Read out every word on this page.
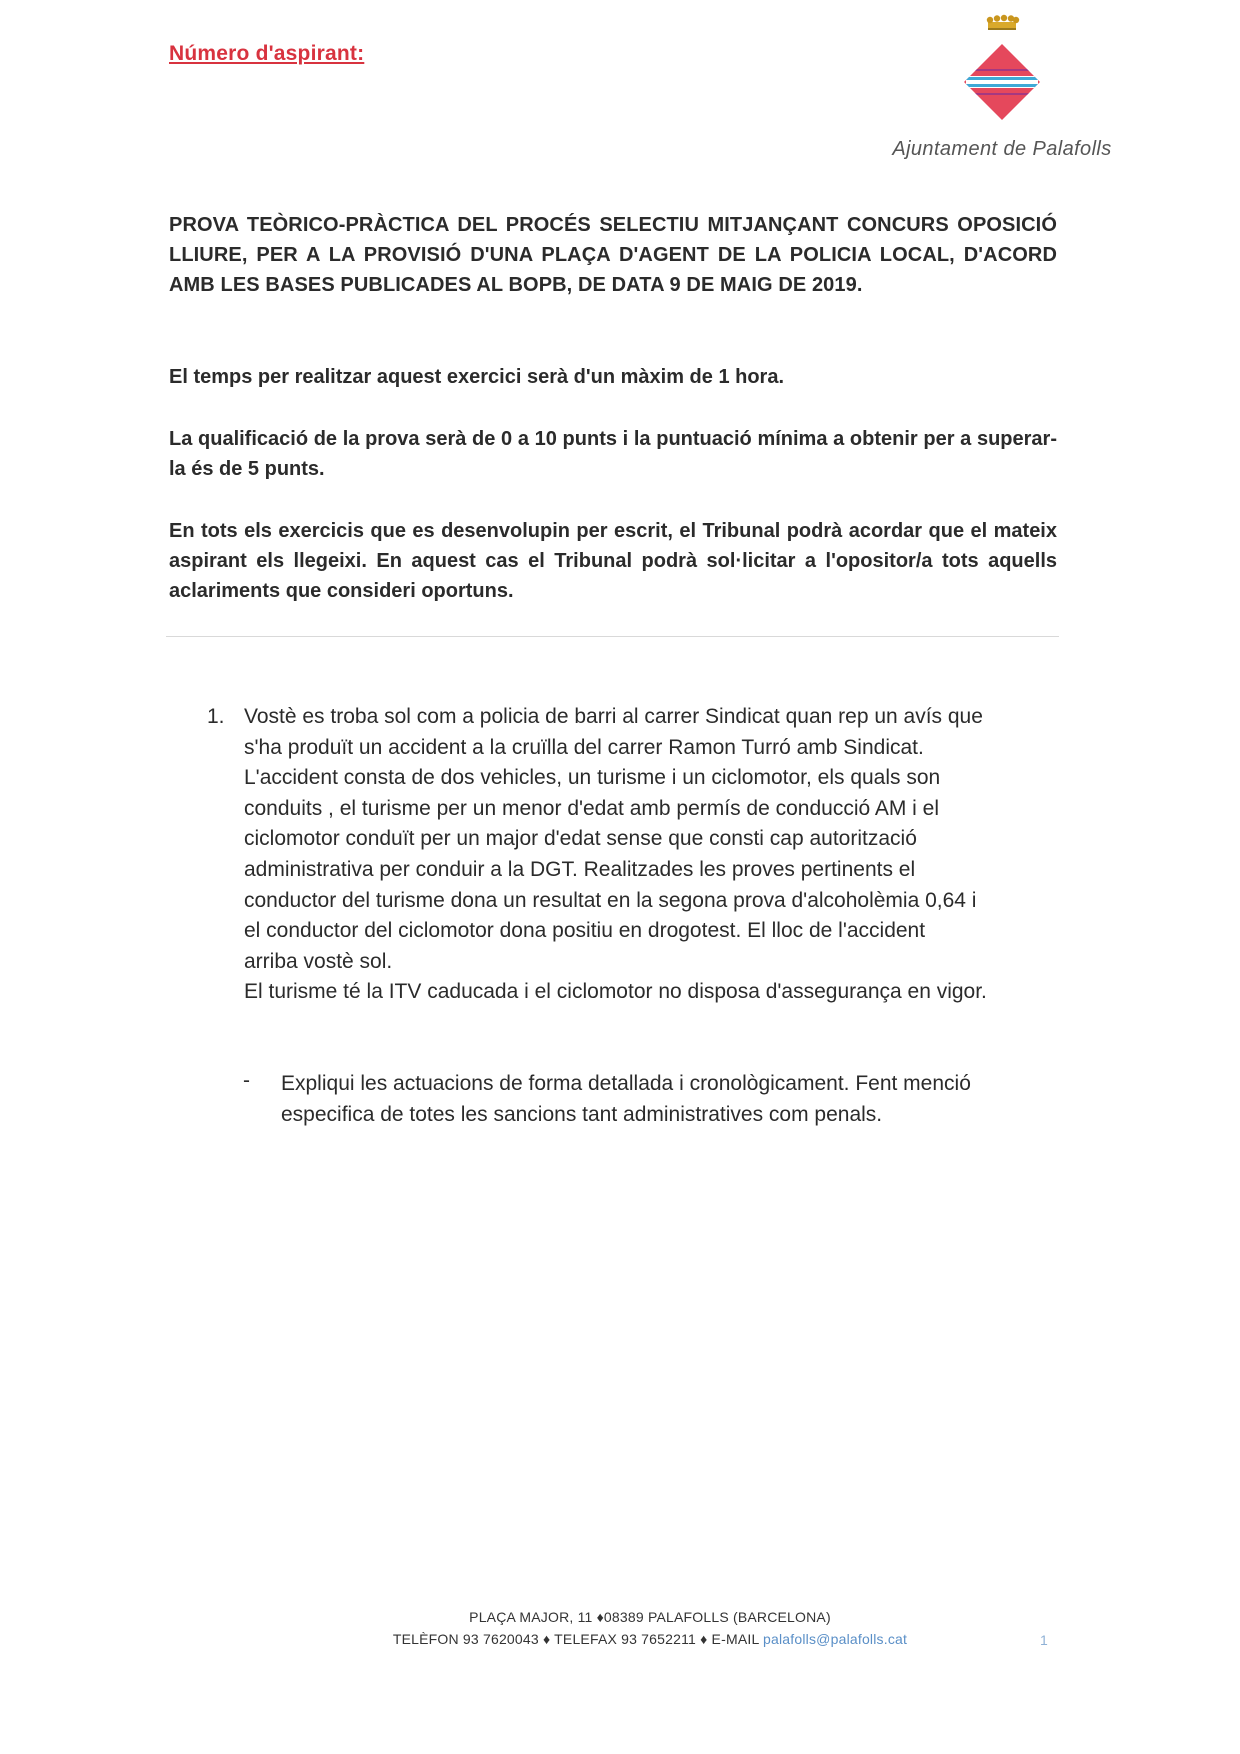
Número d'aspirant:
Ajuntament de Palafolls
PROVA TEÒRICO-PRÀCTICA DEL PROCÉS SELECTIU MITJANÇANT CONCURS OPOSICIÓ LLIURE, PER A LA PROVISIÓ D'UNA PLAÇA D'AGENT DE LA POLICIA LOCAL, D'ACORD AMB LES BASES PUBLICADES AL BOPB, DE DATA 9 DE MAIG DE 2019.
El temps per realitzar aquest exercici serà d'un màxim de 1 hora.
La qualificació de la prova serà de 0 a 10 punts i la puntuació mínima a obtenir per a superar-la és de 5 punts.
En tots els exercicis que es desenvolupin per escrit, el Tribunal podrà acordar que el mateix aspirant els llegeixi. En aquest cas el Tribunal podrà sol·licitar a l'opositor/a tots aquells aclariments que consideri oportuns.
1. Vostè es troba sol com a policia de barri al carrer Sindicat quan rep un avís que
s'ha produït un accident a la cruïlla del carrer Ramon Turró amb Sindicat.
L'accident consta de dos vehicles, un turisme i un ciclomotor, els quals son
conduits , el turisme per un menor d'edat amb permís de conducció AM i el
ciclomotor conduït per un major d'edat sense que consti cap autorització
administrativa per conduir a la DGT. Realitzades les proves pertinents el
conductor del turisme dona un resultat en la segona prova d'alcoholèmia 0,64 i
el conductor del ciclomotor dona positiu en drogotest. El lloc de l'accident
arriba vostè sol.
El turisme té la ITV caducada i el ciclomotor no disposa d'assegurança en vigor.
- Expliqui les actuacions de forma detallada i cronològicament. Fent menció especifica de totes les sancions tant administratives com penals.
PLAÇA MAJOR, 11 ♦08389 PALAFOLLS (BARCELONA)
TELÈFON 93 7620043 ♦ TELEFAX 93 7652211 ♦ E-MAIL palafolls@palafolls.cat	1
